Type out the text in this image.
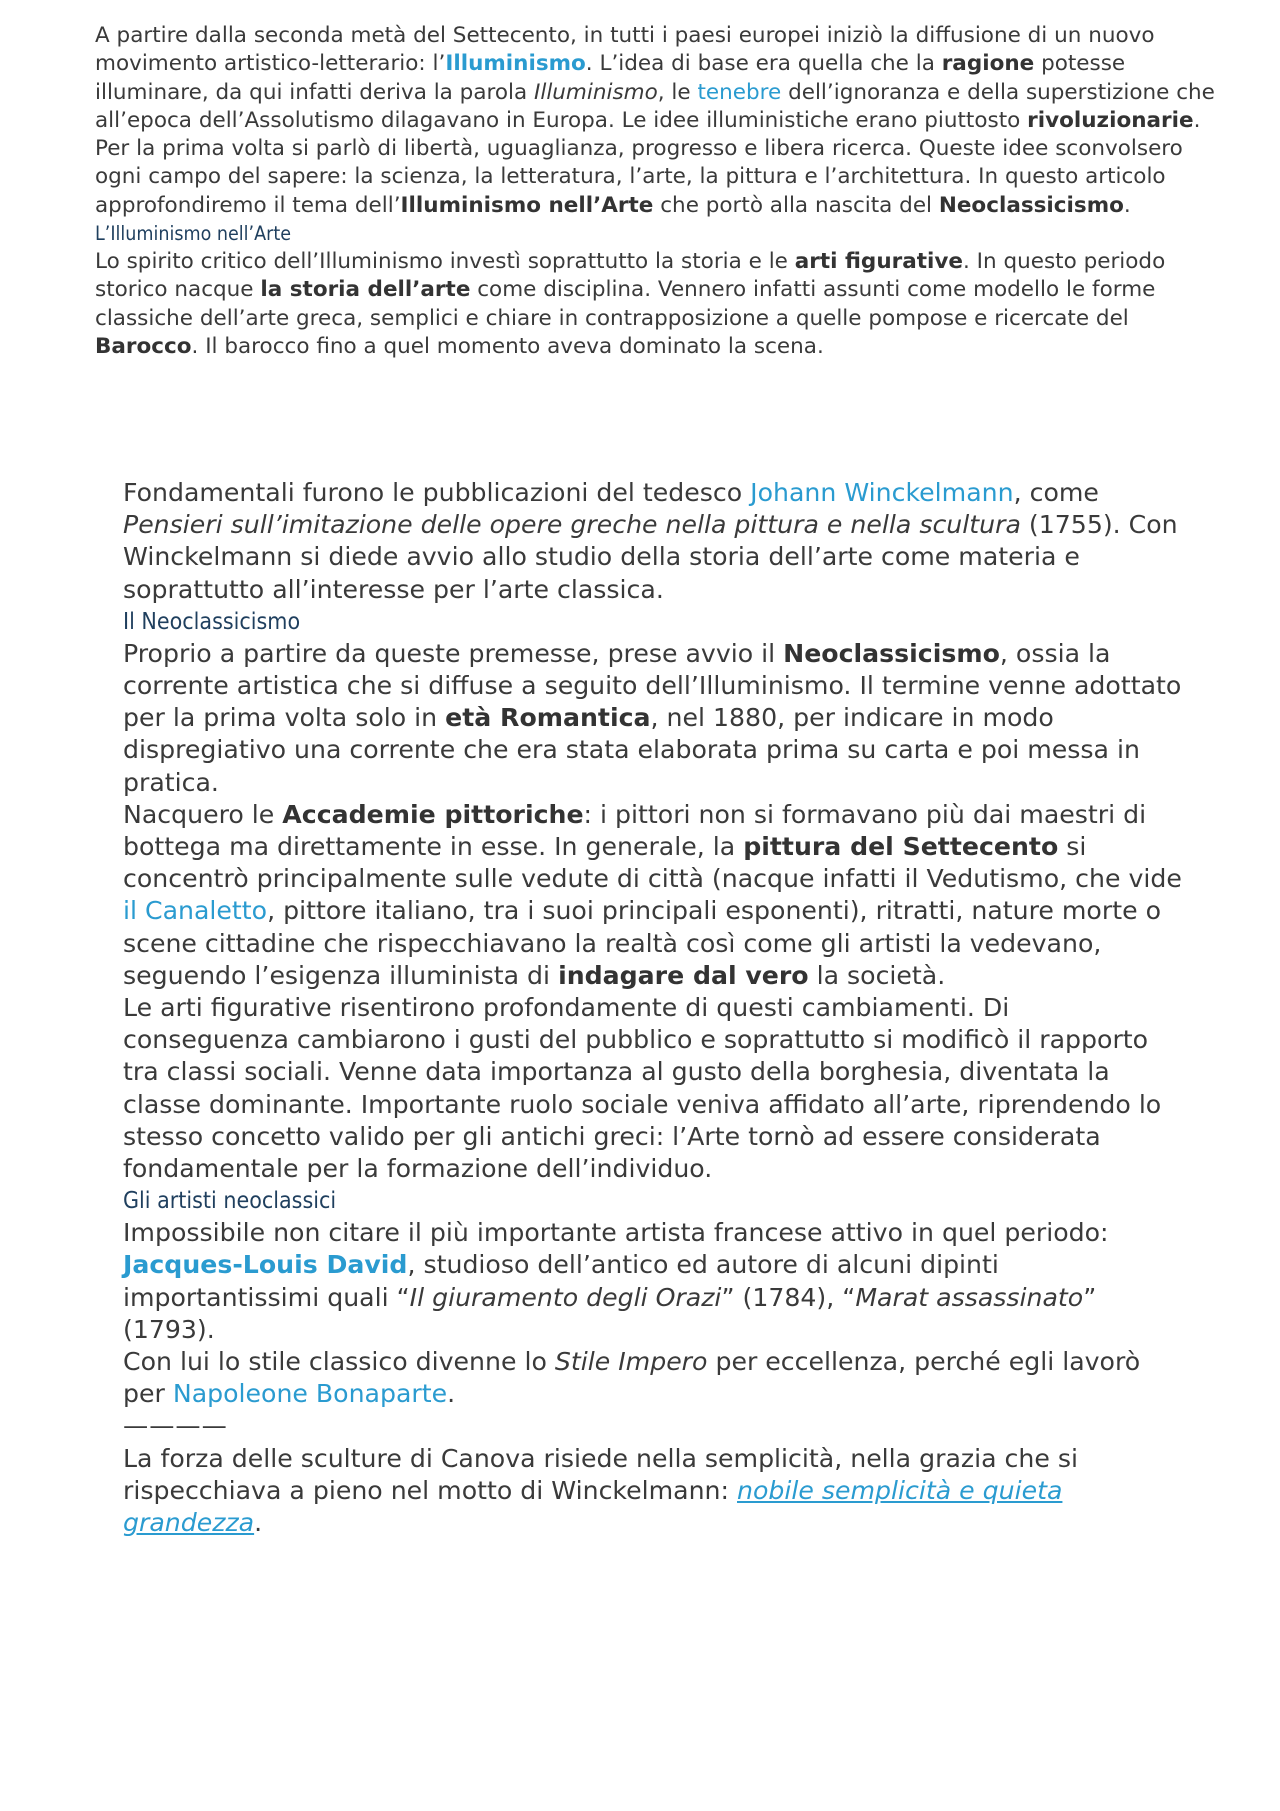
A partire dalla seconda metà del Settecento, in tutti i paesi europei iniziò la diffusione di un nuovo movimento artistico-letterario: l’Illuminismo. L’idea di base era quella che la ragione potesse illuminare, da qui infatti deriva la parola Illuminismo, le tenebre dell’ignoranza e della superstizione che all’epoca dell’Assolutismo dilagavano in Europa. Le idee illuministiche erano piuttosto rivoluzionarie. Per la prima volta si parlò di libertà, uguaglianza, progresso e libera ricerca. Queste idee sconvolsero ogni campo del sapere: la scienza, la letteratura, l’arte, la pittura e l’architettura. In questo articolo approfondiremo il tema dell’Illuminismo nell’Arte che portò alla nascita del Neoclassicismo.

L’Illuminismo nell’Arte

Lo spirito critico dell’Illuminismo investì soprattutto la storia e le arti figurative. In questo periodo storico nacque la storia dell’arte come disciplina. Vennero infatti assunti come modello le forme classiche dell’arte greca, semplici e chiare in contrapposizione a quelle pompose e ricercate del Barocco. Il barocco fino a quel momento aveva dominato la scena.

Fondamentali furono le pubblicazioni del tedesco Johann Winckelmann, come Pensieri sull’imitazione delle opere greche nella pittura e nella scultura (1755). Con Winckelmann si diede avvio allo studio della storia dell’arte come materia e soprattutto all’interesse per l’arte classica.

Il Neoclassicismo

Proprio a partire da queste premesse, prese avvio il Neoclassicismo, ossia la corrente artistica che si diffuse a seguito dell’Illuminismo. Il termine venne adottato per la prima volta solo in età Romantica, nel 1880, per indicare in modo dispregiativo una corrente che era stata elaborata prima su carta e poi messa in pratica.

Nacquero le Accademie pittoriche: i pittori non si formavano più dai maestri di bottega ma direttamente in esse. In generale, la pittura del Settecento si concentrò principalmente sulle vedute di città (nacque infatti il Vedutismo, che vide il Canaletto, pittore italiano, tra i suoi principali esponenti), ritratti, nature morte o scene cittadine che rispecchiavano la realtà così come gli artisti la vedevano, seguendo l’esigenza illuminista di indagare dal vero la società.

Le arti figurative risentirono profondamente di questi cambiamenti. Di conseguenza cambiarono i gusti del pubblico e soprattutto si modificò il rapporto tra classi sociali. Venne data importanza al gusto della borghesia, diventata la classe dominante. Importante ruolo sociale veniva affidato all’arte, riprendendo lo stesso concetto valido per gli antichi greci: l’Arte tornò ad essere considerata fondamentale per la formazione dell’individuo.

Gli artisti neoclassici

Impossibile non citare il più importante artista francese attivo in quel periodo: Jacques-Louis David, studioso dell’antico ed autore di alcuni dipinti importantissimi quali “Il giuramento degli Orazi” (1784), “Marat assassinato” (1793).

Con lui lo stile classico divenne lo Stile Impero per eccellenza, perché egli lavorò per Napoleone Bonaparte.

————

La forza delle sculture di Canova risiede nella semplicità, nella grazia che si rispecchiava a pieno nel motto di Winckelmann: nobile semplicità e quieta grandezza.
